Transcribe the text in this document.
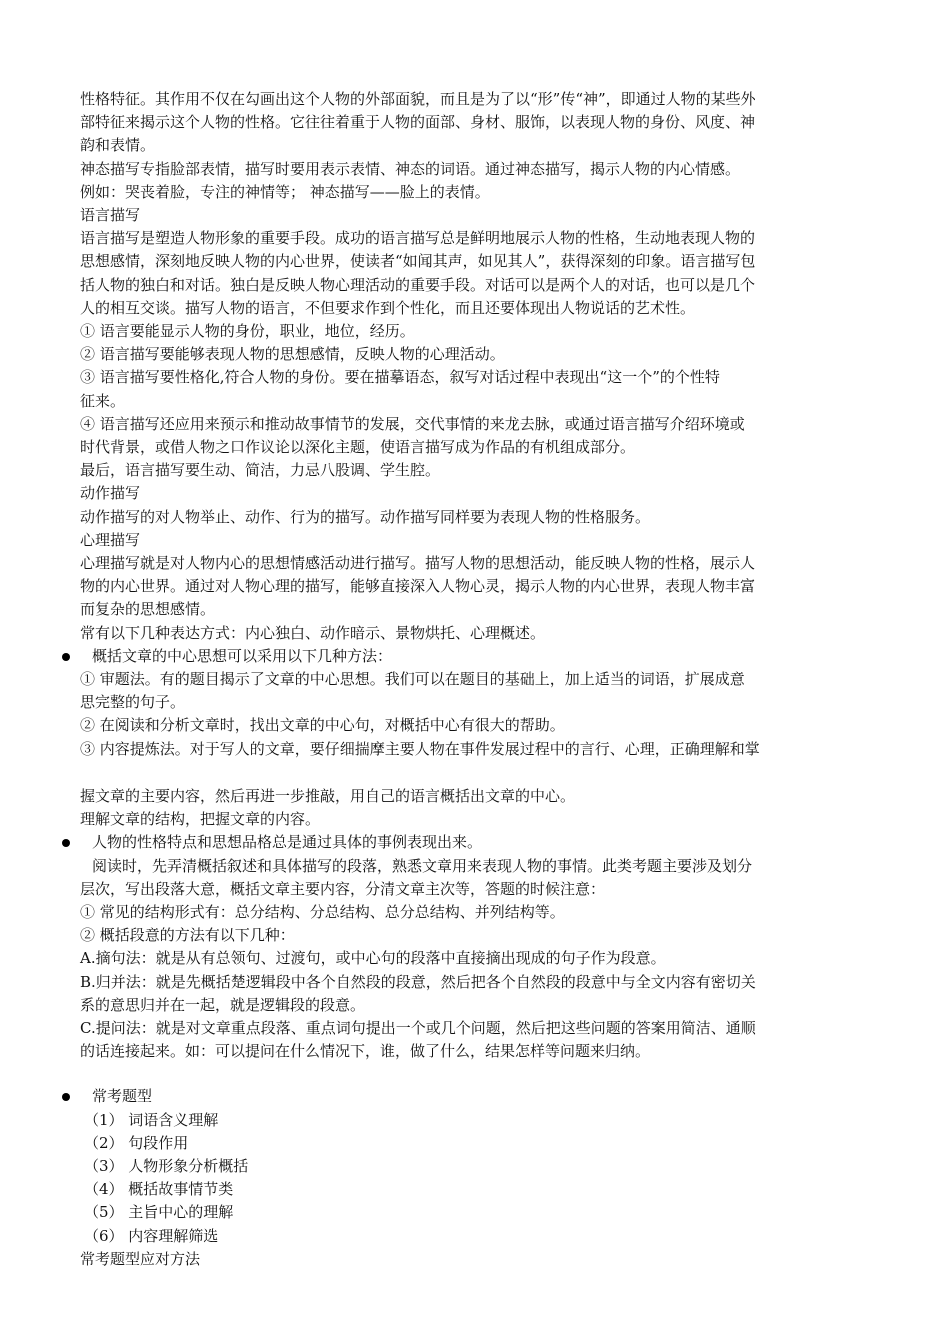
性格特征。其作用不仅在勾画出这个人物的外部面貌，而且是为了以“形”传“神”，即通过人物的某些外

部特征来揭示这个人物的性格。它往往着重于人物的面部、身材、服饰，以表现人物的身份、风度、神

韵和表情。

神态描写专指脸部表情，描写时要用表示表情、神态的词语。通过神态描写，揭示人物的内心情感。

例如：哭丧着脸，专注的神情等； 神态描写——脸上的表情。

语言描写

语言描写是塑造人物形象的重要手段。成功的语言描写总是鲜明地展示人物的性格，生动地表现人物的

思想感情，深刻地反映人物的内心世界，使读者“如闻其声，如见其人”，获得深刻的印象。语言描写包

括人物的独白和对话。独白是反映人物心理活动的重要手段。对话可以是两个人的对话，也可以是几个

人的相互交谈。描写人物的语言，不但要求作到个性化，而且还要体现出人物说话的艺术性。

① 语言要能显示人物的身份，职业，地位，经历。

② 语言描写要能够表现人物的思想感情，反映人物的心理活动。

③ 语言描写要性格化,符合人物的身份。要在描摹语态，叙写对话过程中表现出“这一个”的个性特

征来。

④ 语言描写还应用来预示和推动故事情节的发展，交代事情的来龙去脉，或通过语言描写介绍环境或

时代背景，或借人物之口作议论以深化主题，使语言描写成为作品的有机组成部分。

最后，语言描写要生动、简洁，力忌八股调、学生腔。

动作描写

动作描写的对人物举止、动作、行为的描写。动作描写同样要为表现人物的性格服务。

心理描写

心理描写就是对人物内心的思想情感活动进行描写。描写人物的思想活动，能反映人物的性格，展示人

物的内心世界。通过对人物心理的描写，能够直接深入人物心灵，揭示人物的内心世界，表现人物丰富

而复杂的思想感情。

常有以下几种表达方式：内心独白、动作暗示、景物烘托、心理概述。

概括文章的中心思想可以采用以下几种方法：

① 审题法。有的题目揭示了文章的中心思想。我们可以在题目的基础上，加上适当的词语，扩展成意

思完整的句子。

② 在阅读和分析文章时，找出文章的中心句，对概括中心有很大的帮助。

③ 内容提炼法。对于写人的文章，要仔细揣摩主要人物在事件发展过程中的言行、心理，正确理解和掌

握文章的主要内容，然后再进一步推敲，用自己的语言概括出文章的中心。

理解文章的结构，把握文章的内容。

人物的性格特点和思想品格总是通过具体的事例表现出来。

阅读时，先弄清概括叙述和具体描写的段落，熟悉文章用来表现人物的事情。此类考题主要涉及划分

层次，写出段落大意，概括文章主要内容，分清文章主次等，答题的时候注意：

① 常见的结构形式有：总分结构、分总结构、总分总结构、并列结构等。

② 概括段意的方法有以下几种：

A.摘句法：就是从有总领句、过渡句，或中心句的段落中直接摘出现成的句子作为段意。

B.归并法：就是先概括楚逻辑段中各个自然段的段意，然后把各个自然段的段意中与全文内容有密切关

系的意思归并在一起，就是逻辑段的段意。

C.提问法：就是对文章重点段落、重点词句提出一个或几个问题，然后把这些问题的答案用简洁、通顺

的话连接起来。如：可以提问在什么情况下，谁，做了什么，结果怎样等问题来归纳。

常考题型

（1） 词语含义理解

（2） 句段作用

（3） 人物形象分析概括

（4） 概括故事情节类

（5） 主旨中心的理解

（6） 内容理解筛选

常考题型应对方法
